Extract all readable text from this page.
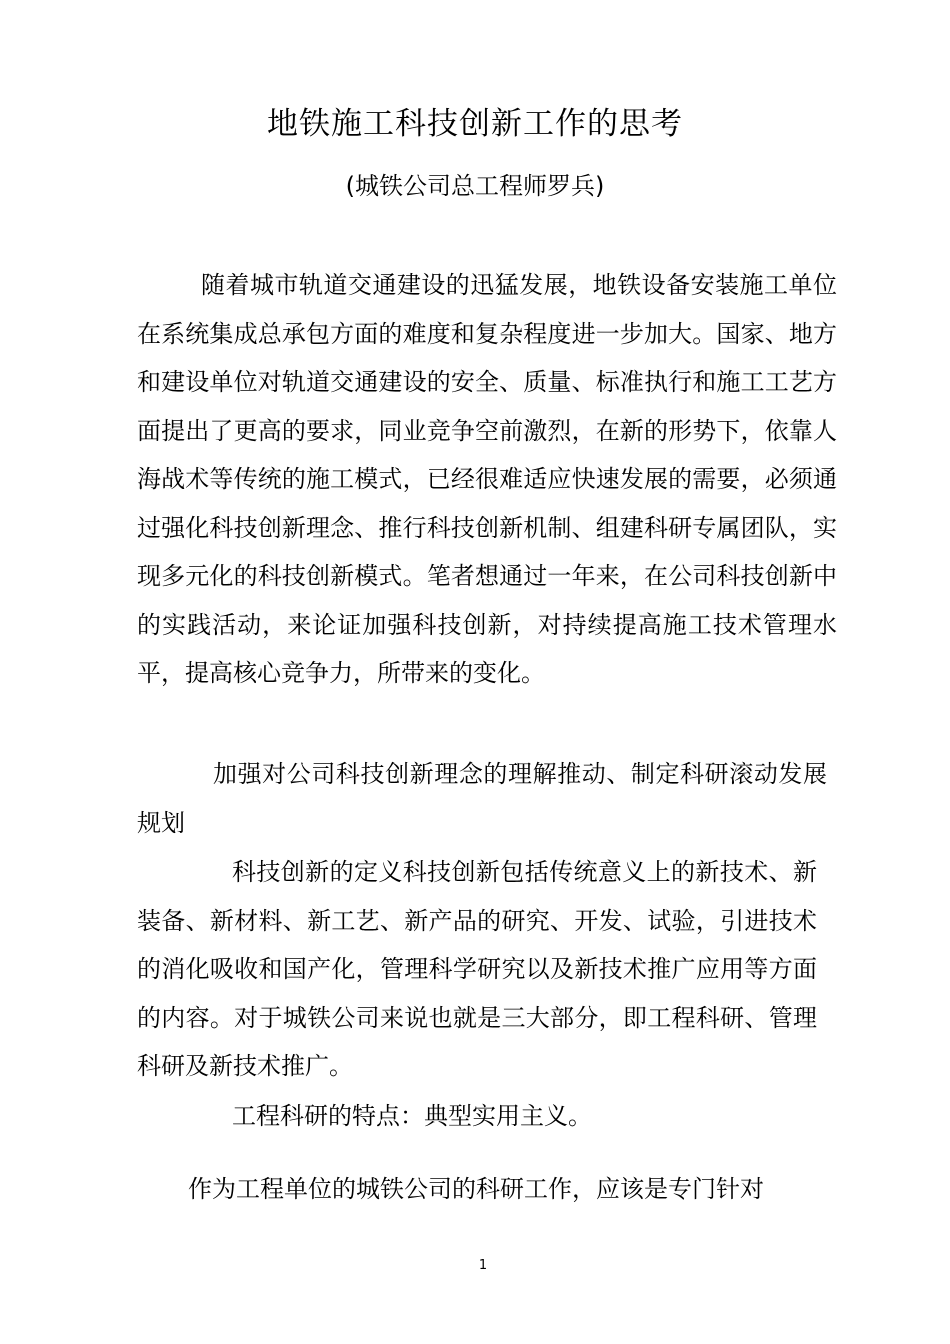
地铁施工科技创新工作的思考
(城铁公司总工程师罗兵)

随着城市轨道交通建设的迅猛发展，地铁设备安装施工单位在系统集成总承包方面的难度和复杂程度进一步加大。国家、地方和建设单位对轨道交通建设的安全、质量、标准执行和施工工艺方面提出了更高的要求，同业竞争空前激烈，在新的形势下，依靠人海战术等传统的施工模式，已经很难适应快速发展的需要，必须通过强化科技创新理念、推行科技创新机制、组建科研专属团队，实现多元化的科技创新模式。笔者想通过一年来，在公司科技创新中的实践活动，来论证加强科技创新，对持续提高施工技术管理水平，提高核心竞争力，所带来的变化。

加强对公司科技创新理念的理解推动、制定科研滚动发展规划

科技创新的定义科技创新包括传统意义上的新技术、新装备、新材料、新工艺、新产品的研究、开发、试验，引进技术的消化吸收和国产化，管理科学研究以及新技术推广应用等方面的内容。对于城铁公司来说也就是三大部分，即工程科研、管理科研及新技术推广。

工程科研的特点：典型实用主义。

作为工程单位的城铁公司的科研工作，应该是专门针对

1
